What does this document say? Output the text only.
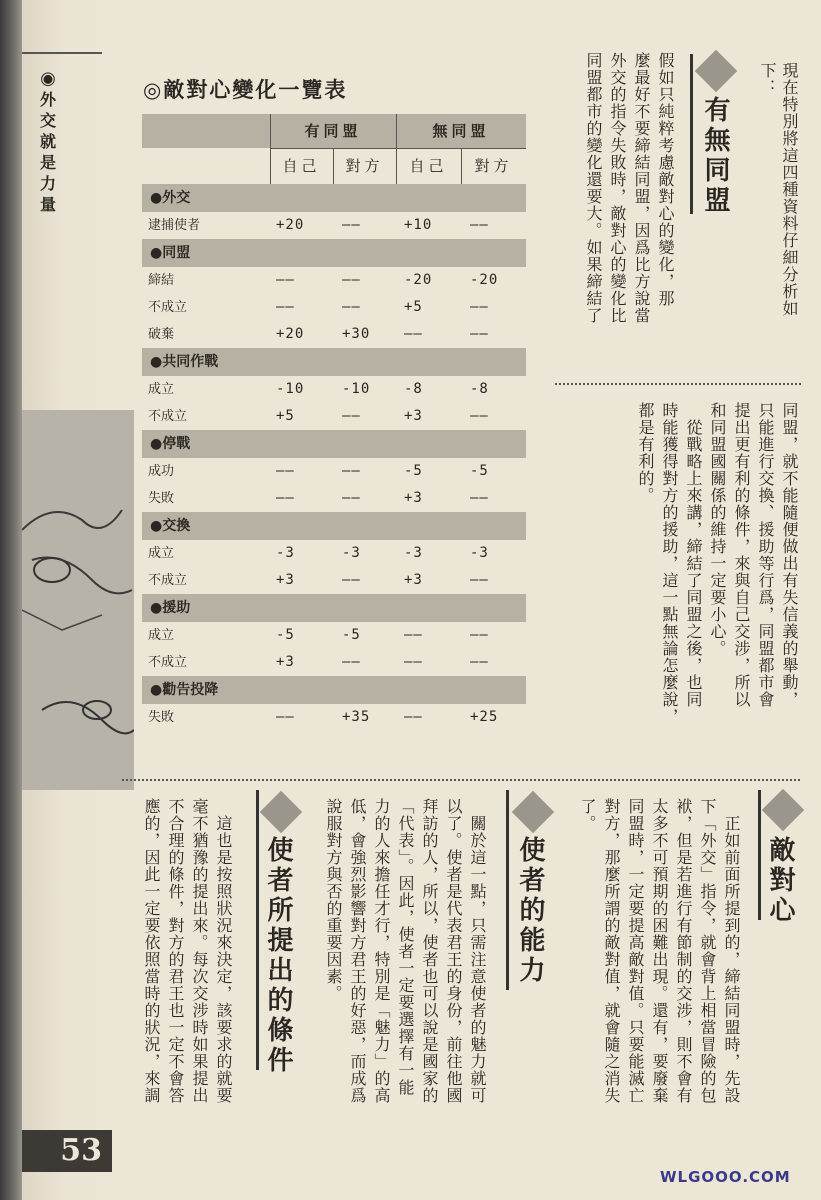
◉
外
交
就
是
力
量
53
◎敵對心變化一覽表
有同盟	無同盟
自己	對方	自己	對方
●外交
逮捕使者	+20	——	+10	——
●同盟
締結	——	——	-20	-20
不成立	——	——	+5	——
破棄	+20	+30	——	——
●共同作戰
成立	-10	-10	-8	-8
不成立	+5	——	+3	——
●停戰
成功	——	——	-5	-5
失敗	——	——	+3	——
●交換
成立	-3	-3	-3	-3
不成立	+3	——	+3	——
●援助
成立	-5	-5	——	——
不成立	+3	——	——	——
●勸告投降
失敗	——	+35	——	+25
現在特別將這四種資料仔細分析如
下：
有無同盟
假如只純粹考慮敵對心的變化，那
麼最好不要締結同盟，因爲比方說當
外交的指令失敗時，敵對心的變化比
同盟都市的變化還要大。如果締結了
同盟，就不能隨便做出有失信義的舉動，
只能進行交換、援助等行爲，同盟都市會
提出更有利的條件，來與自己交涉，所以
和同盟國關係的維持一定要小心。
　從戰略上來講，締結了同盟之後，也同
時能獲得對方的援助，這一點無論怎麼說，
都是有利的。
敵對心
　正如前面所提到的，締結同盟時，先設
下「外交」指令，就會背上相當冒險的包
袱，但是若進行有節制的交涉，則不會有
太多不可預期的困難出現。還有，要廢棄
同盟時，一定要提高敵對值。只要能滅亡
對方，那麼所謂的敵對值，就會隨之消失
了。
使者的能力
　關於這一點，只需注意使者的魅力就可
以了。使者是代表君王的身份，前往他國
拜訪的人，所以，使者也可以說是國家的
「代表」。因此，使者一定要選擇有一能
力的人來擔任才行，特別是「魅力」的高
低，會強烈影響對方君王的好惡，而成爲
說服對方與否的重要因素。
使者所提出的條件
　這也是按照狀況來決定，該要求的就要
毫不猶豫的提出來。每次交涉時如果提出
不合理的條件，對方的君王也一定不會答
應的，因此一定要依照當時的狀況，來調
WLGOOO.COM
